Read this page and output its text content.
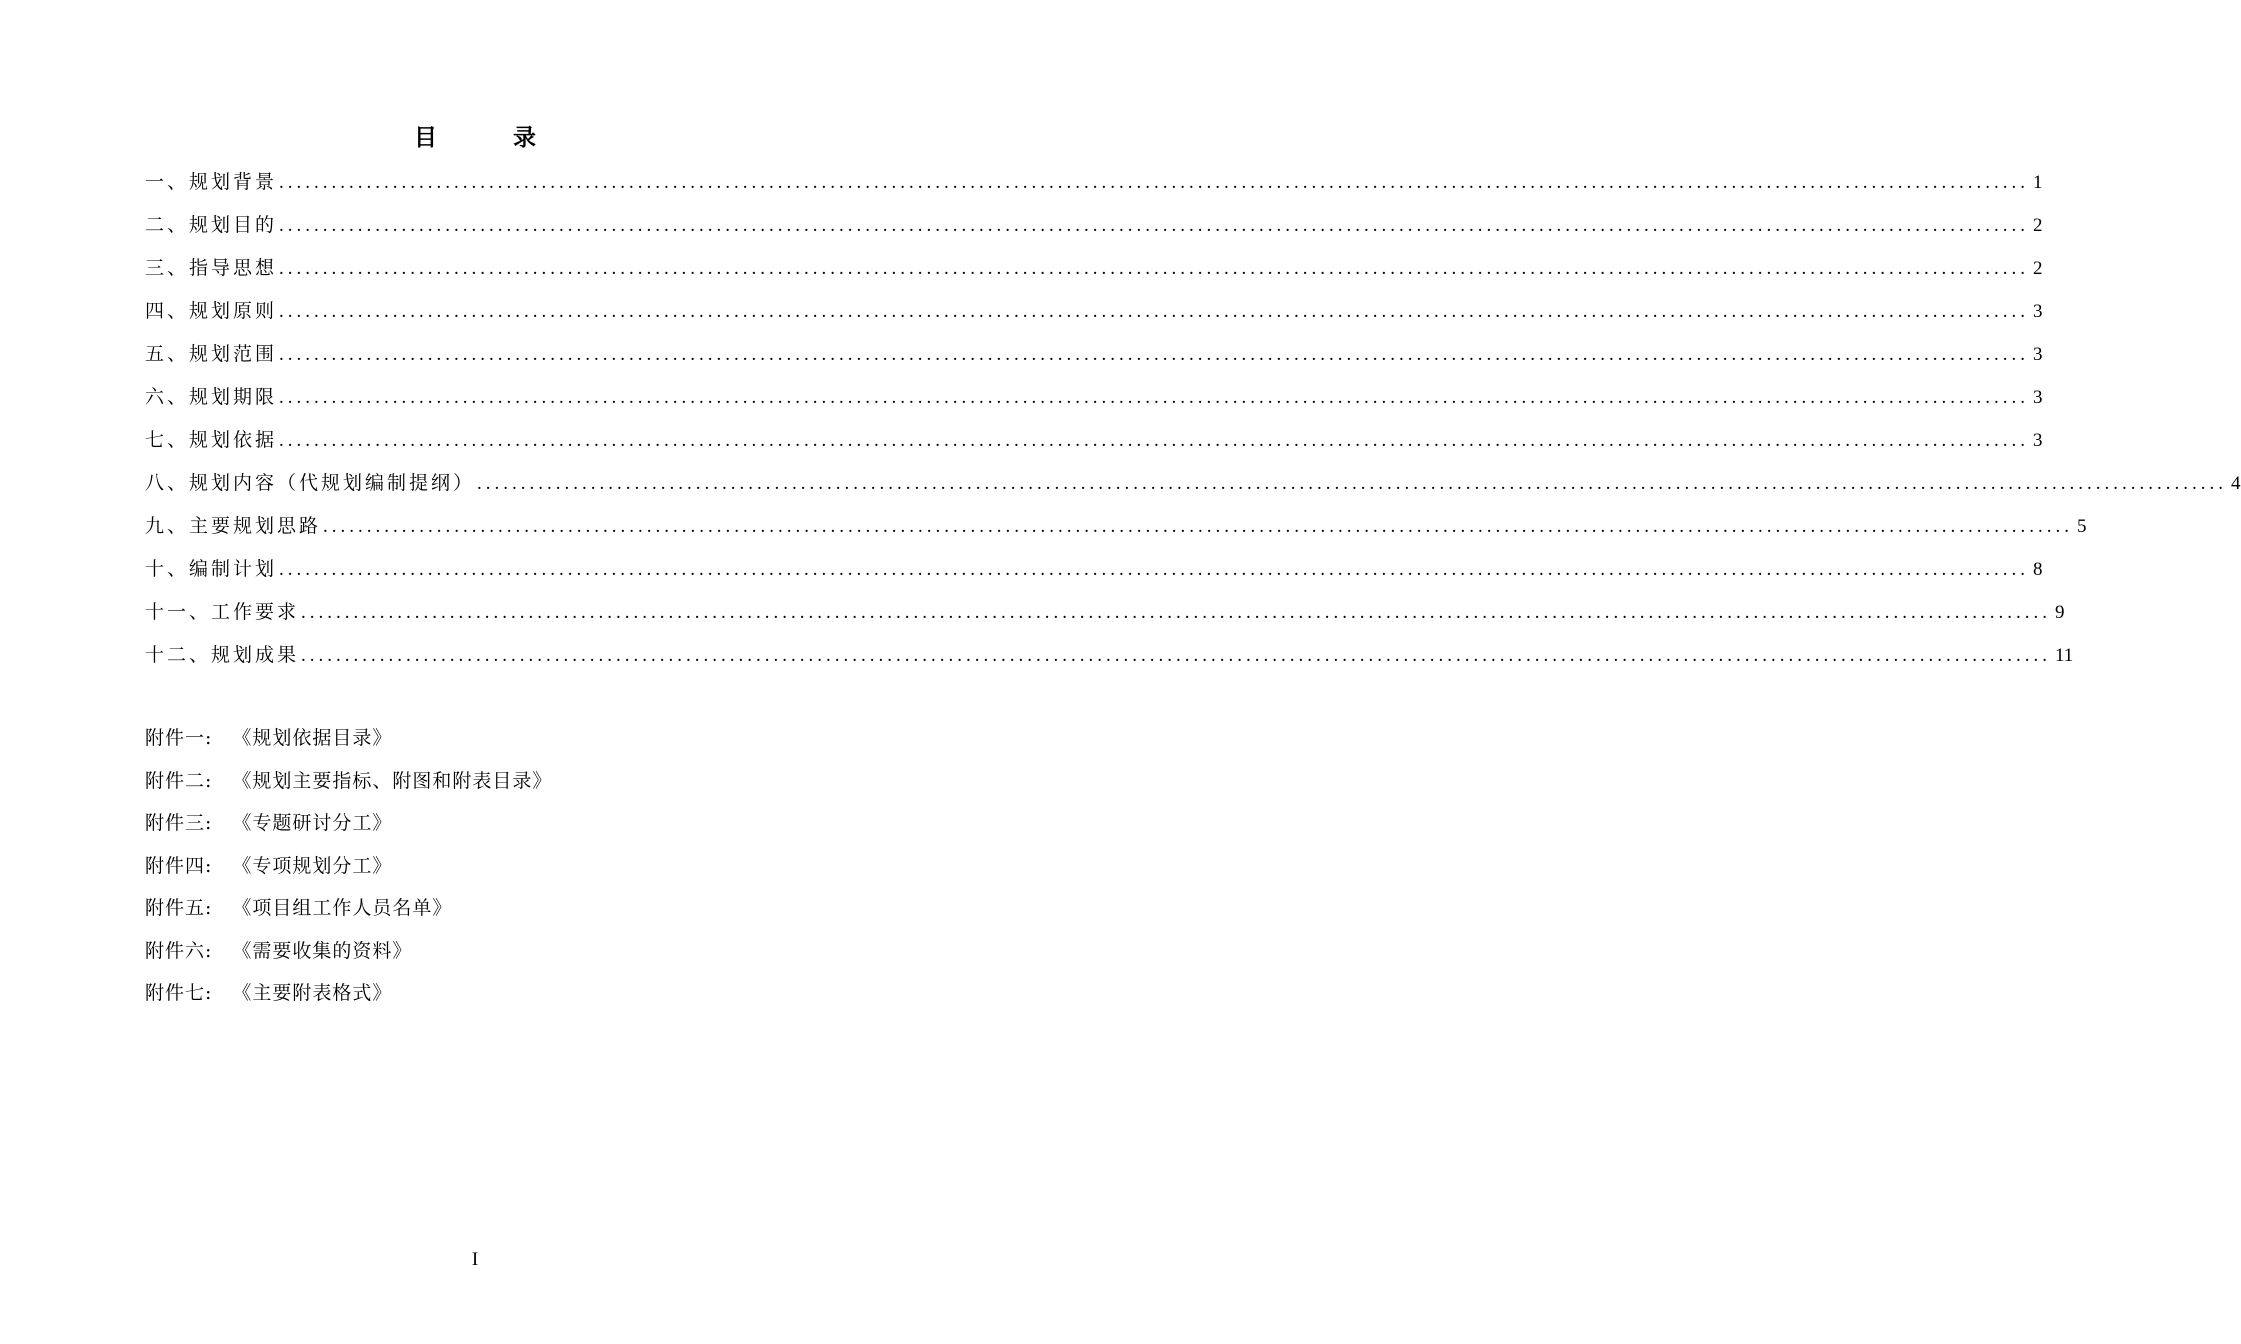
目 录
一、规划背景 ........................................................................................................................................................................................................ 1
二、规划目的 ........................................................................................................................................................................................................ 2
三、指导思想 ........................................................................................................................................................................................................ 2
四、规划原则 ........................................................................................................................................................................................................ 3
五、规划范围 ........................................................................................................................................................................................................ 3
六、规划期限 ........................................................................................................................................................................................................ 3
七、规划依据 ........................................................................................................................................................................................................ 3
八、规划内容（代规划编制提纲） ........................................................................................................................................................................................................ 4
九、主要规划思路 ........................................................................................................................................................................................................ 5
十、编制计划 ........................................................................................................................................................................................................ 8
十一、工作要求 ........................................................................................................................................................................................................ 9
十二、规划成果 ........................................................................................................................................................................................................ 11
附件一: 《规划依据目录》
附件二: 《规划主要指标、附图和附表目录》
附件三: 《专题研讨分工》
附件四: 《专项规划分工》
附件五: 《项目组工作人员名单》
附件六: 《需要收集的资料》
附件七: 《主要附表格式》
I
